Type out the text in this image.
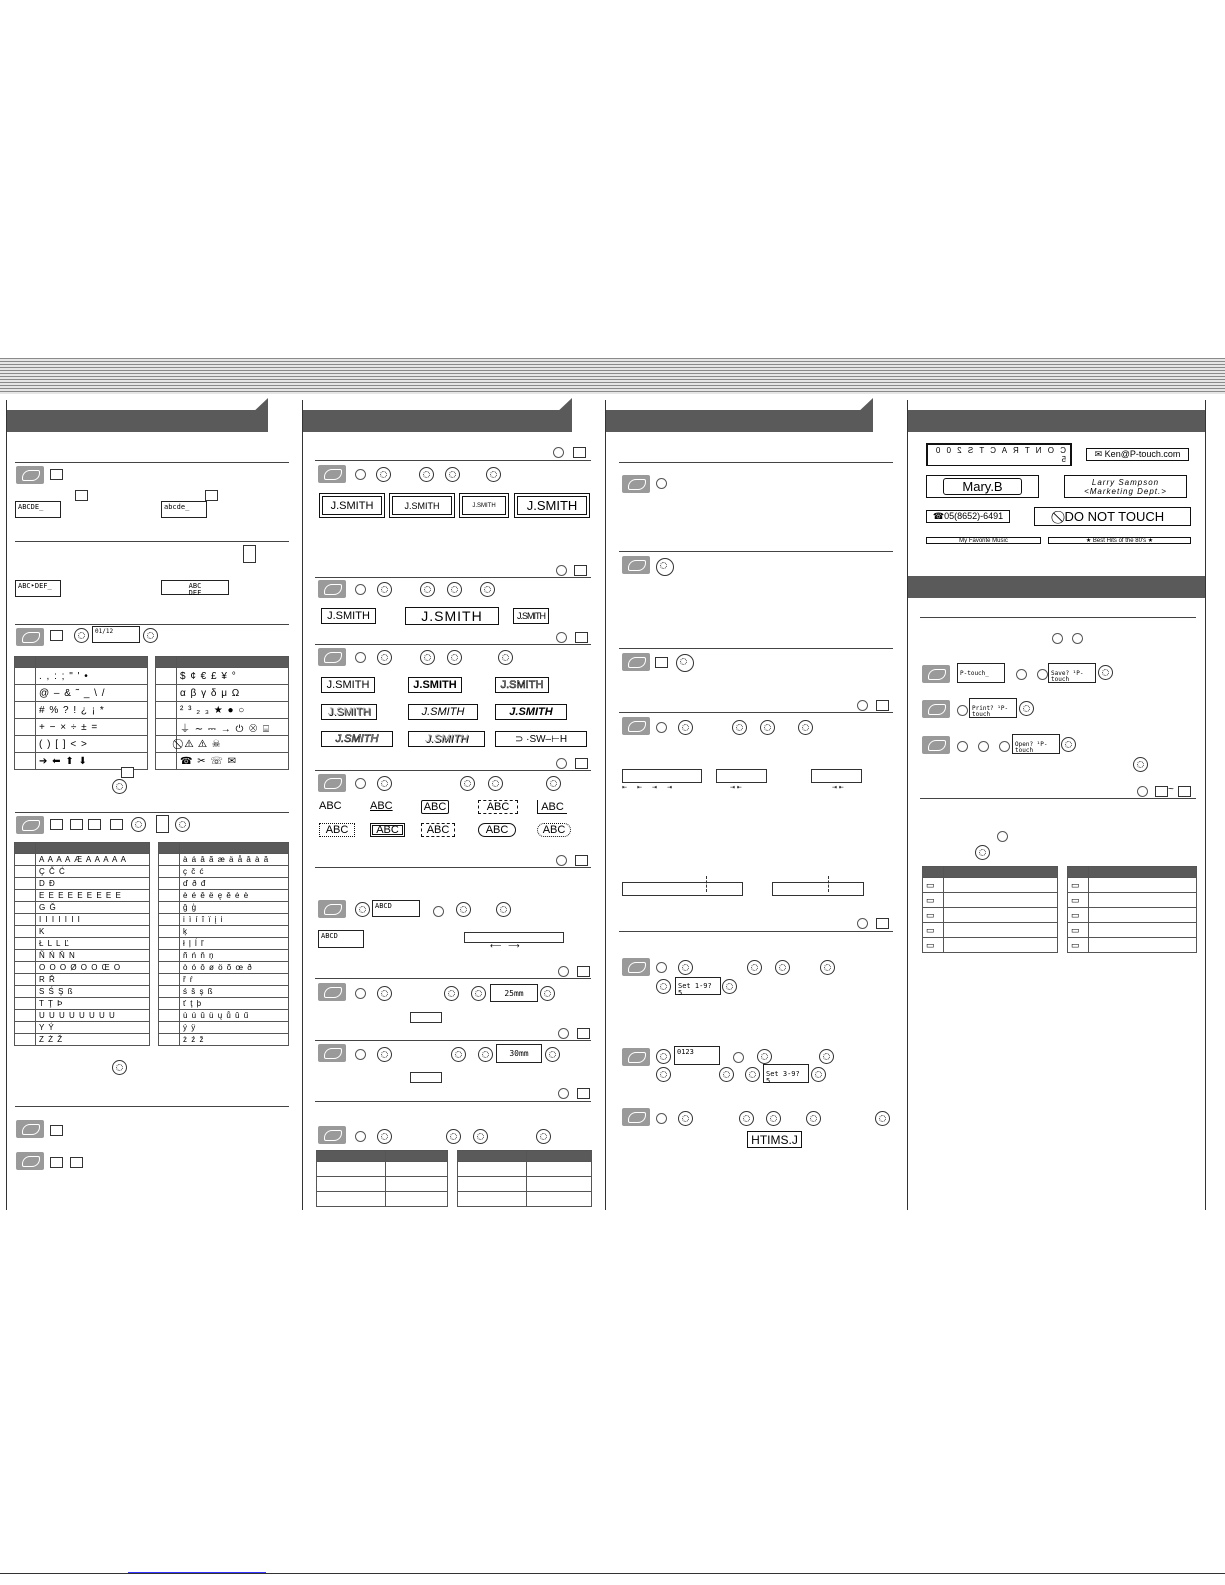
ABCDE_	abcde_
ABC‣DEF_	ABC
DEF
01/12

	. , : ; " ' •
	@ – & ˜ _ \ /
	# % ? ! ¿ ¡ *
	+ − × ÷ ± =
	( ) [ ] < >
	➔ ⬅ ⬆ ⬇

	$ ¢ € £ ¥ °
	α β γ δ μ Ω
	² ³ ₂ ₃ ★ ● ○
	⏚ ∼ ⎓ → ⏻ ⊗ ⌸
	⃠ ⚠ ⚠ ☠
	☎ ✂ ☏ ✉

	A A A A Æ A A A A A
	Ç Č Ć
	D Đ
	E E E E E E E E E
	G Ğ
	I I I I I I I
	K
	Ł L L Ľ
	Ñ Ń Ň N
	O O O Ø O O Œ O
	R Ř
	S Ś Ş ß
	T Ţ Þ
	U U U U U U U U
	Y Ý
	Z Ż Ž

	à á â ã æ ä å â à ă
	ç č ć
	ď ð đ
	è é ê ë ę ě ė è
	ğ ģ
	i ì í î ï į i
	ķ
	ł ļ ĺ ľ
	ñ ń ň ņ
	ò ó ô ø ö õ œ ð
	ř ŕ
	ś š ş ß
	ť ţ þ
	ù ú û ü ų ů û ű
	ý ÿ
	ż ź ž
J.SMITH	J.SMITH	J.SMITH	J.SMITH
J.SMITH	J.SMITH	J.SMITH
J.SMITH	J.SMITH	J.SMITH
J.SMITH	J.SMITH	J.SMITH
J.SMITH	J.SMITH	⊃ ·SW–⊢Η
ABC	ABC	ABC	ABC	ABC
ABC	ABC	ABC	ABC	ABC
ABCD
ABCD
⟵   ⟶
25mm
30mm

⇤⇤⇥⇥	⇥ ⇤	⇥ ⇤
Set 1-9? 5
0123
Set 3-9? 5
HTIMS.J
C O N T R A C T S 2 0 0 5	✉ Ken@P-touch.com
Mary.B	Larry Sampson
<Marketing Dept.>
☎05(8652)-6491	⃠ DO NOT TOUCH
My Favorite Music	★ Best Hits of the 80's ★
P-touch_	Save? ¹P-touch
Print? ¹P-touch
Open? ¹P-touch
~

▭	
▭	
▭	
▭	
▭	

▭	
▭	
▭	
▭	
▭	
